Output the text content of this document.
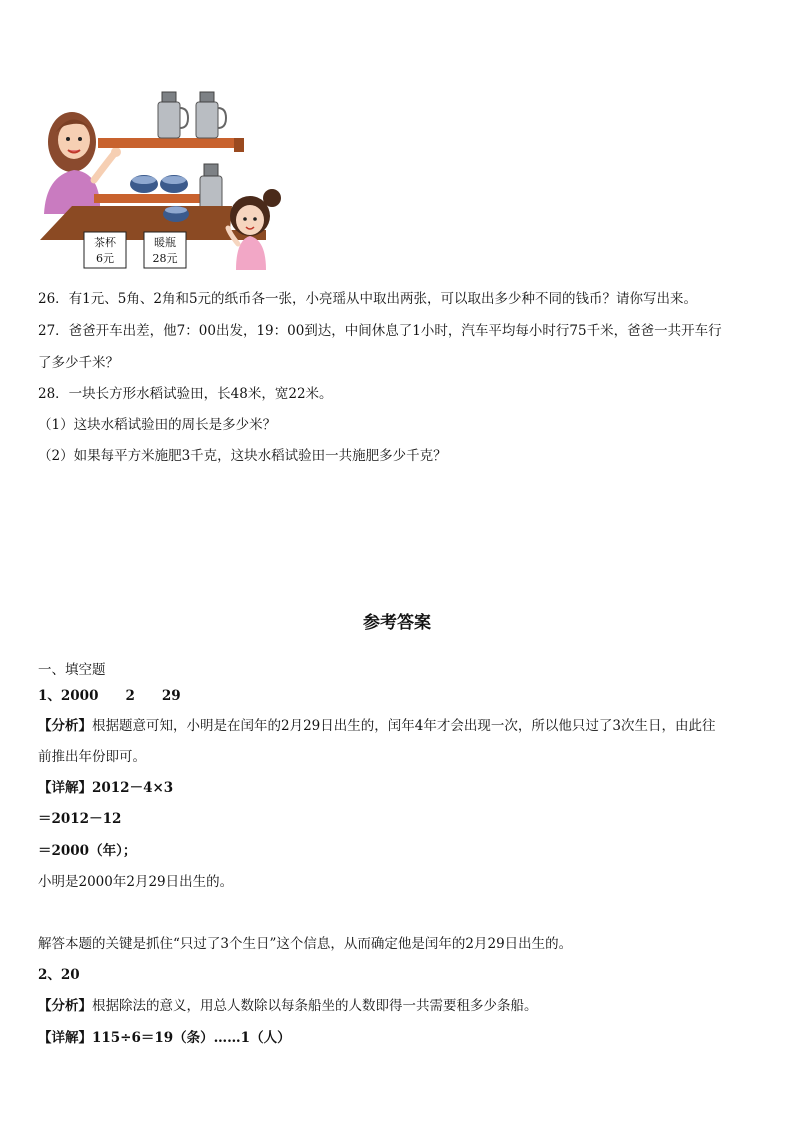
茶杯
6元
暖瓶
28元
26．有1元、5角、2角和5元的纸币各一张，小亮瑶从中取出两张，可以取出多少种不同的钱币？请你写出来。
27．爸爸开车出差，他7：00出发，19：00到达，中间休息了1小时，汽车平均每小时行75千米，爸爸一共开车行
了多少千米？
28．一块长方形水稻试验田，长48米，宽22米。
（1）这块水稻试验田的周长是多少米？
（2）如果每平方米施肥3千克，这块水稻试验田一共施肥多少千克？
参考答案
一、填空题
1、2000　　2　　29
【分析】根据题意可知，小明是在闰年的2月29日出生的，闰年4年才会出现一次，所以他只过了3次生日，由此往
前推出年份即可。
【详解】2012－4×3
＝2012－12
＝2000（年）；
小明是2000年2月29日出生的。
解答本题的关键是抓住“只过了3个生日”这个信息，从而确定他是闰年的2月29日出生的。
2、20
【分析】根据除法的意义，用总人数除以每条船坐的人数即得一共需要租多少条船。
【详解】115÷6＝19（条）……1（人）
